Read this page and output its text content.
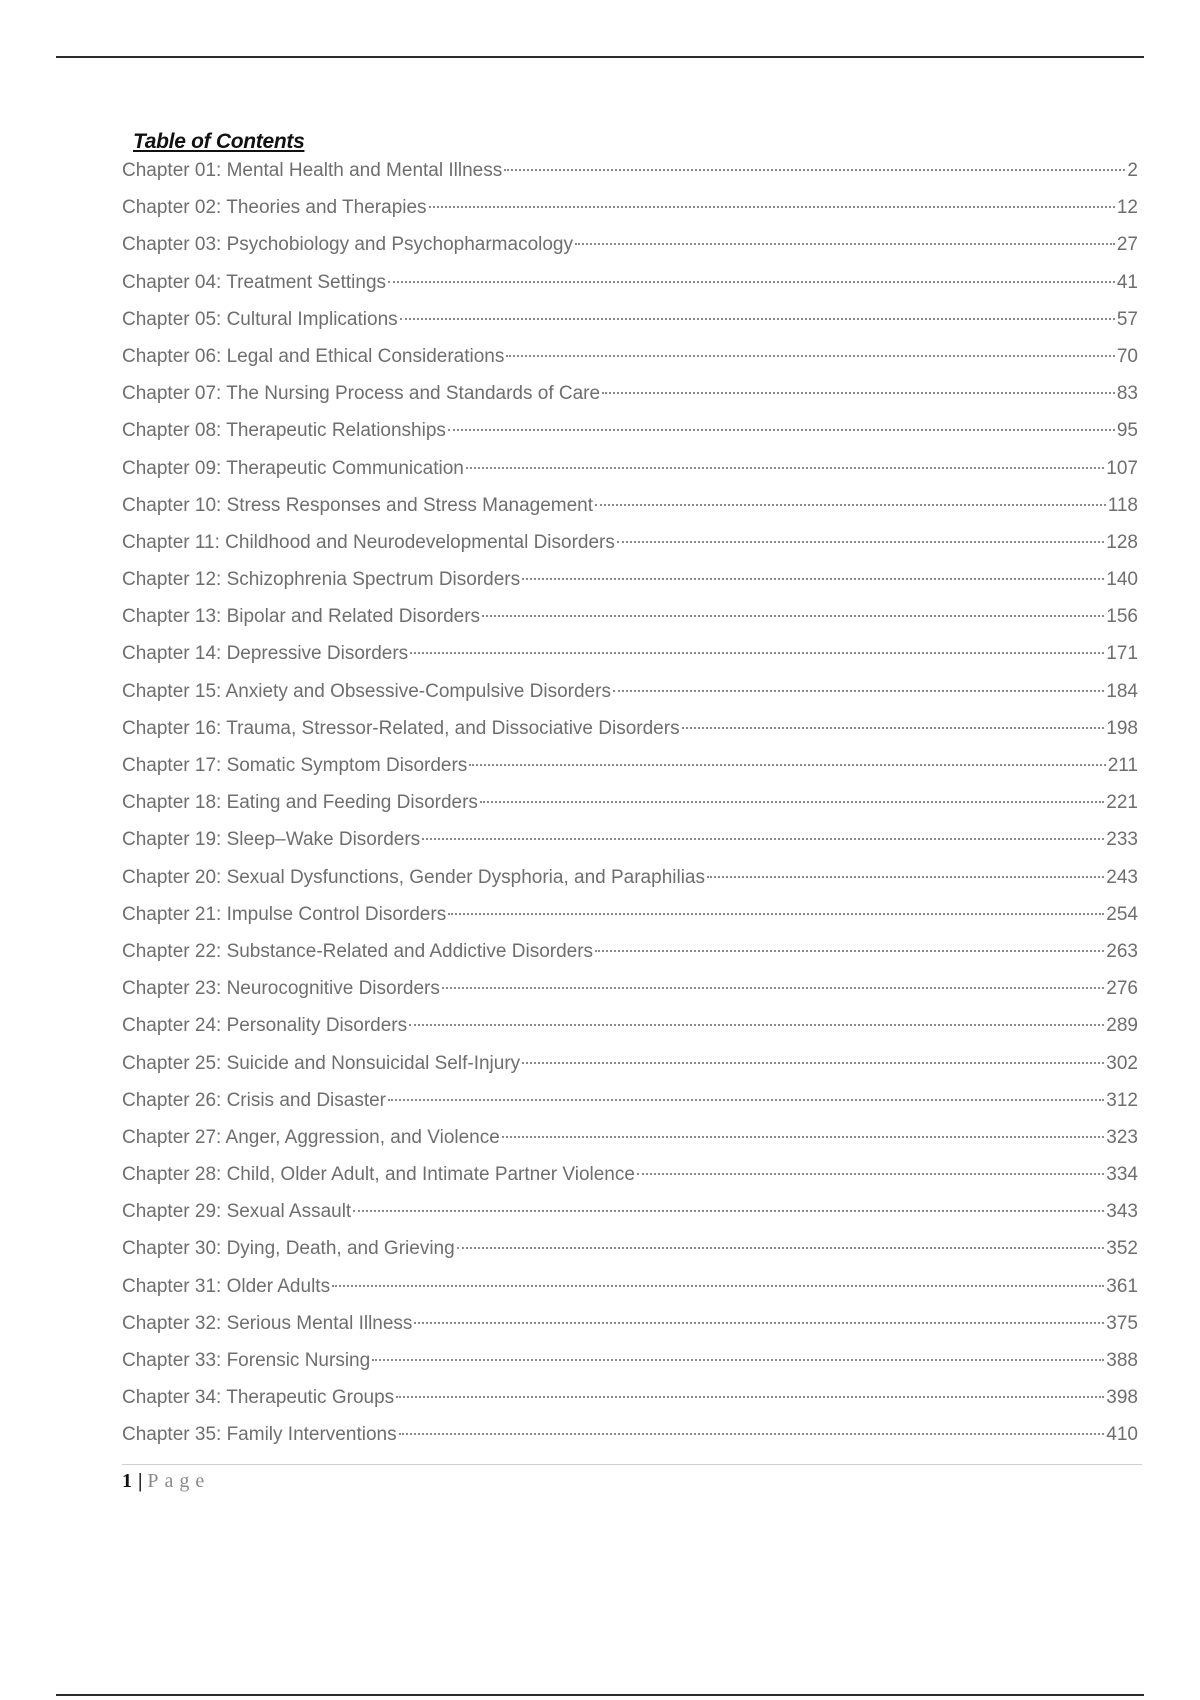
Table of Contents
Chapter 01: Mental Health and Mental Illness	2
Chapter 02: Theories and Therapies	12
Chapter 03: Psychobiology and Psychopharmacology	27
Chapter 04: Treatment Settings	41
Chapter 05: Cultural Implications	57
Chapter 06: Legal and Ethical Considerations	70
Chapter 07: The Nursing Process and Standards of Care	83
Chapter 08: Therapeutic Relationships	95
Chapter 09: Therapeutic Communication	107
Chapter 10: Stress Responses and Stress Management	118
Chapter 11: Childhood and Neurodevelopmental Disorders	128
Chapter 12: Schizophrenia Spectrum Disorders	140
Chapter 13: Bipolar and Related Disorders	156
Chapter 14: Depressive Disorders	171
Chapter 15: Anxiety and Obsessive-Compulsive Disorders	184
Chapter 16: Trauma, Stressor-Related, and Dissociative Disorders	198
Chapter 17: Somatic Symptom Disorders	211
Chapter 18: Eating and Feeding Disorders	221
Chapter 19: Sleep–Wake Disorders	233
Chapter 20: Sexual Dysfunctions, Gender Dysphoria, and Paraphilias	243
Chapter 21: Impulse Control Disorders	254
Chapter 22: Substance-Related and Addictive Disorders	263
Chapter 23: Neurocognitive Disorders	276
Chapter 24: Personality Disorders	289
Chapter 25: Suicide and Nonsuicidal Self-Injury	302
Chapter 26: Crisis and Disaster	312
Chapter 27: Anger, Aggression, and Violence	323
Chapter 28: Child, Older Adult, and Intimate Partner Violence	334
Chapter 29: Sexual Assault	343
Chapter 30: Dying, Death, and Grieving	352
Chapter 31: Older Adults	361
Chapter 32: Serious Mental Illness	375
Chapter 33: Forensic Nursing	388
Chapter 34: Therapeutic Groups	398
Chapter 35: Family Interventions	410
1 | Page
